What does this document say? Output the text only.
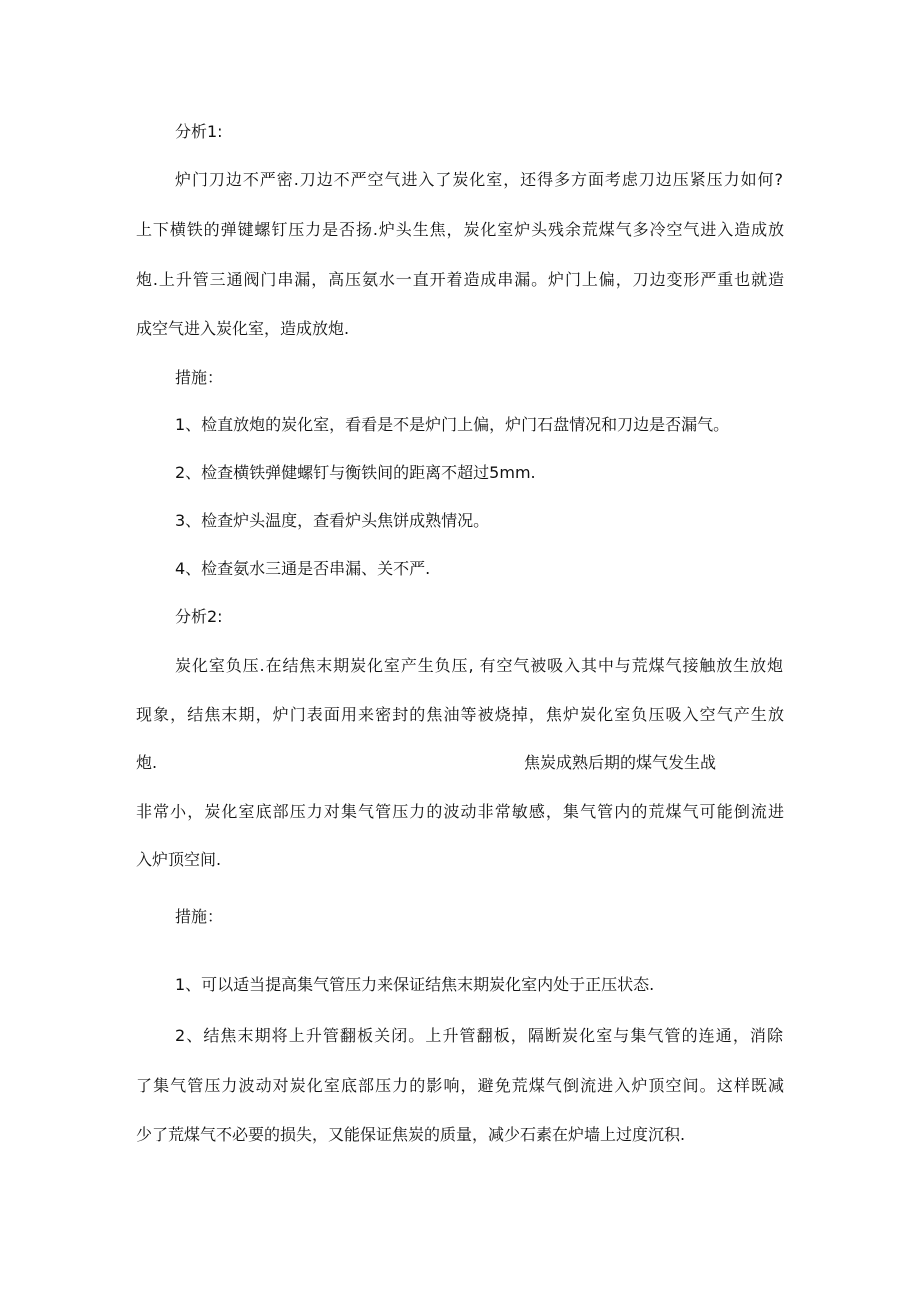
分析1:

炉门刀边不严密.刀边不严空气进入了炭化室，还得多方面考虑刀边压紧压力如何?

上下横铁的弹键螺钉压力是否扬.炉头生焦，炭化室炉头残余荒煤气多冷空气进入造成放

炮.上升管三通阀门串漏，高压氨水一直开着造成串漏。炉门上偏，刀边变形严重也就造

成空气进入炭化室，造成放炮.

措施：

1、检直放炮的炭化室，看看是不是炉门上偏，炉门石盘情况和刀边是否漏气。

2、检查横铁弹健螺钉与衡铁间的距离不超过5mm.

3、检查炉头温度，查看炉头焦饼成熟情况。

4、检查氨水三通是否串漏、关不严.

分析2:

炭化室负压.在结焦末期炭化室产生负压, 有空气被吸入其中与荒煤气接触放生放炮

现象，结焦末期，炉门表面用来密封的焦油等被烧掉，焦炉炭化室负压吸入空气产生放

炮.	焦炭成熟后期的煤气发生战

非常小，炭化室底部压力对集气管压力的波动非常敏感，集气管内的荒煤气可能倒流进

入炉顶空间.

措施：

1、可以适当提高集气管压力来保证结焦末期炭化室内处于正压状态.

2、结焦末期将上升管翻板关闭。上升管翻板，隔断炭化室与集气管的连通，消除

了集气管压力波动对炭化室底部压力的影响，避免荒煤气倒流进入炉顶空间。这样既减

少了荒煤气不必要的损失，又能保证焦炭的质量，减少石素在炉墙上过度沉积.
